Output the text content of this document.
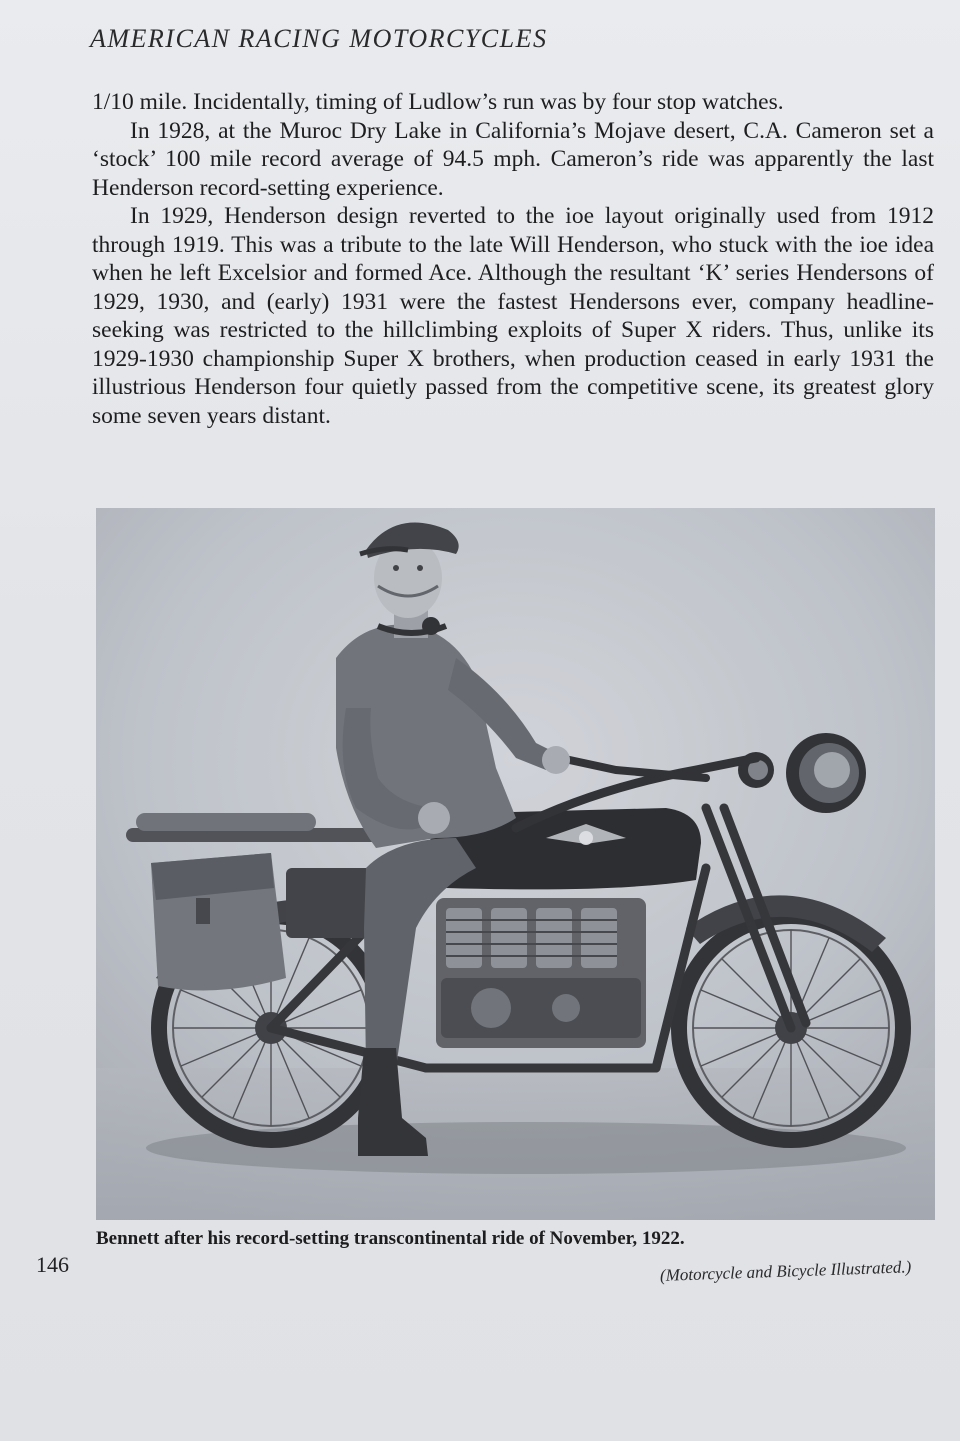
AMERICAN RACING MOTORCYCLES

1/10 mile. Incidentally, timing of Ludlow’s run was by four stop watches.

In 1928, at the Muroc Dry Lake in California’s Mojave desert, C.A. Cameron set a ‘stock’ 100 mile record average of 94.5 mph. Cameron’s ride was apparently the last Henderson record-setting experience.

In 1929, Henderson design reverted to the ioe layout originally used from 1912 through 1919. This was a tribute to the late Will Henderson, who stuck with the ioe idea when he left Excelsior and formed Ace. Although the resultant ‘K’ series Hendersons of 1929, 1930, and (early) 1931 were the fastest Hendersons ever, company headline-seeking was restricted to the hillclimbing exploits of Super X riders. Thus, unlike its 1929-1930 championship Super X brothers, when production ceased in early 1931 the illustrious Henderson four quietly passed from the competitive scene, its greatest glory some seven years distant.

Bennett after his record-setting transcontinental ride of November, 1922.
146	(Motorcycle and Bicycle Illustrated.)
